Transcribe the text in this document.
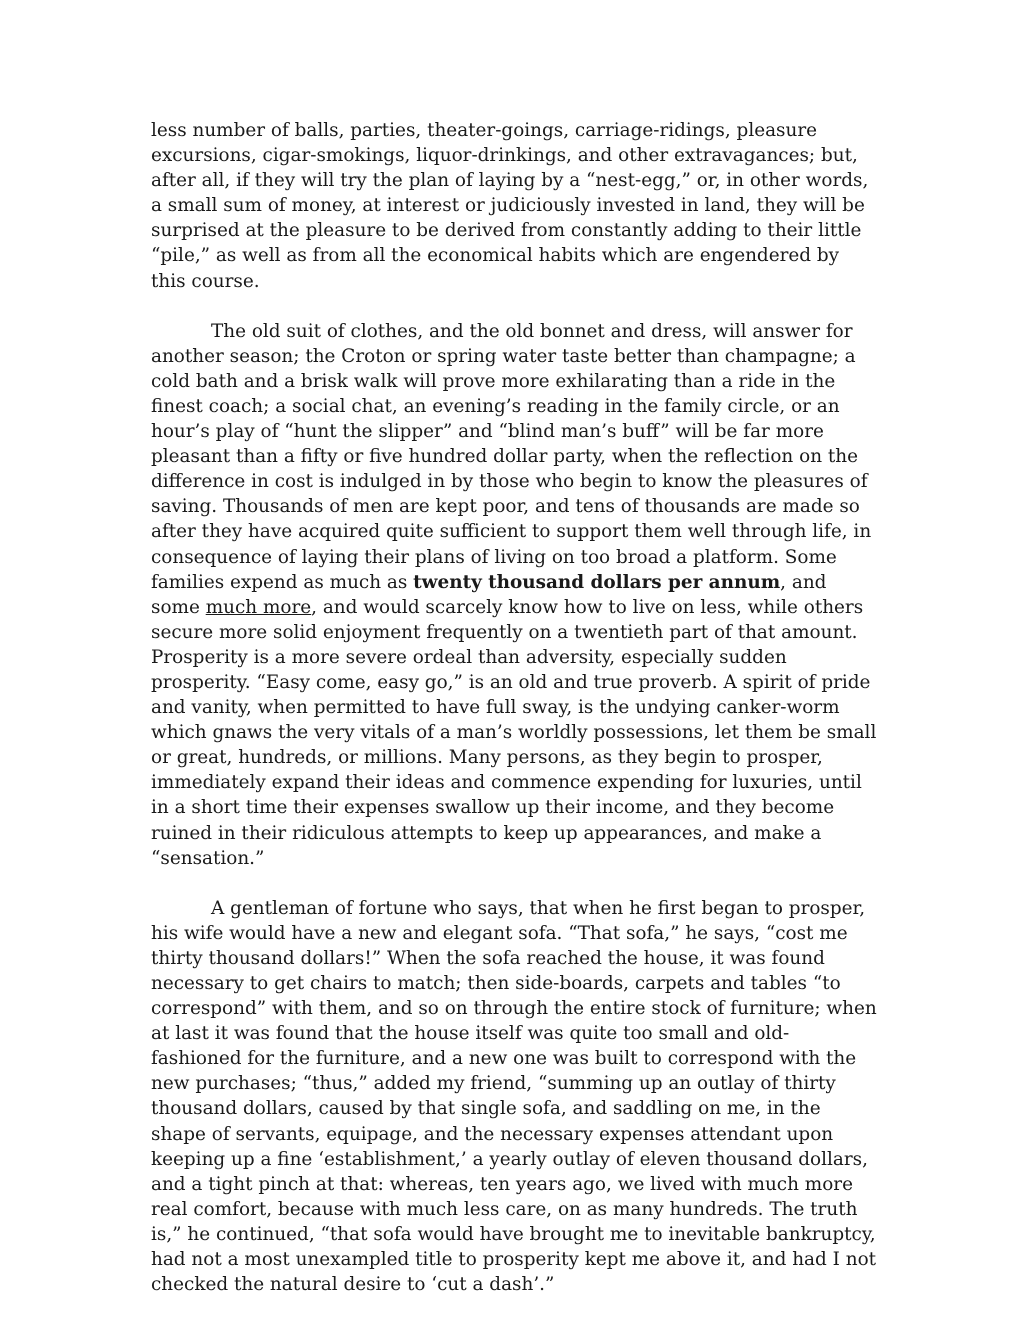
less number of balls, parties, theater-goings, carriage-ridings, pleasure excursions, cigar-smokings, liquor-drinkings, and other extravagances; but, after all, if they will try the plan of laying by a “nest-egg,” or, in other words, a small sum of money, at interest or judiciously invested in land, they will be surprised at the pleasure to be derived from constantly adding to their little “pile,” as well as from all the economical habits which are engendered by this course.

The old suit of clothes, and the old bonnet and dress, will answer for another season; the Croton or spring water taste better than champagne; a cold bath and a brisk walk will prove more exhilarating than a ride in the finest coach; a social chat, an evening’s reading in the family circle, or an hour’s play of “hunt the slipper” and “blind man’s buff” will be far more pleasant than a fifty or five hundred dollar party, when the reflection on the difference in cost is indulged in by those who begin to know the pleasures of saving. Thousands of men are kept poor, and tens of thousands are made so after they have acquired quite sufficient to support them well through life, in consequence of laying their plans of living on too broad a platform. Some families expend as much as twenty thousand dollars per annum, and some much more, and would scarcely know how to live on less, while others secure more solid enjoyment frequently on a twentieth part of that amount. Prosperity is a more severe ordeal than adversity, especially sudden prosperity. “Easy come, easy go,” is an old and true proverb. A spirit of pride and vanity, when permitted to have full sway, is the undying canker-worm which gnaws the very vitals of a man’s worldly possessions, let them be small or great, hundreds, or millions. Many persons, as they begin to prosper, immediately expand their ideas and commence expending for luxuries, until in a short time their expenses swallow up their income, and they become ruined in their ridiculous attempts to keep up appearances, and make a “sensation.”

A gentleman of fortune who says, that when he first began to prosper, his wife would have a new and elegant sofa. “That sofa,” he says, “cost me thirty thousand dollars!” When the sofa reached the house, it was found necessary to get chairs to match; then side-boards, carpets and tables “to correspond” with them, and so on through the entire stock of furniture; when at last it was found that the house itself was quite too small and old-fashioned for the furniture, and a new one was built to correspond with the new purchases; “thus,” added my friend, “summing up an outlay of thirty thousand dollars, caused by that single sofa, and saddling on me, in the shape of servants, equipage, and the necessary expenses attendant upon keeping up a fine ‘establishment,’ a yearly outlay of eleven thousand dollars, and a tight pinch at that: whereas, ten years ago, we lived with much more real comfort, because with much less care, on as many hundreds. The truth is,” he continued, “that sofa would have brought me to inevitable bankruptcy, had not a most unexampled title to prosperity kept me above it, and had I not checked the natural desire to ‘cut a dash’.”
